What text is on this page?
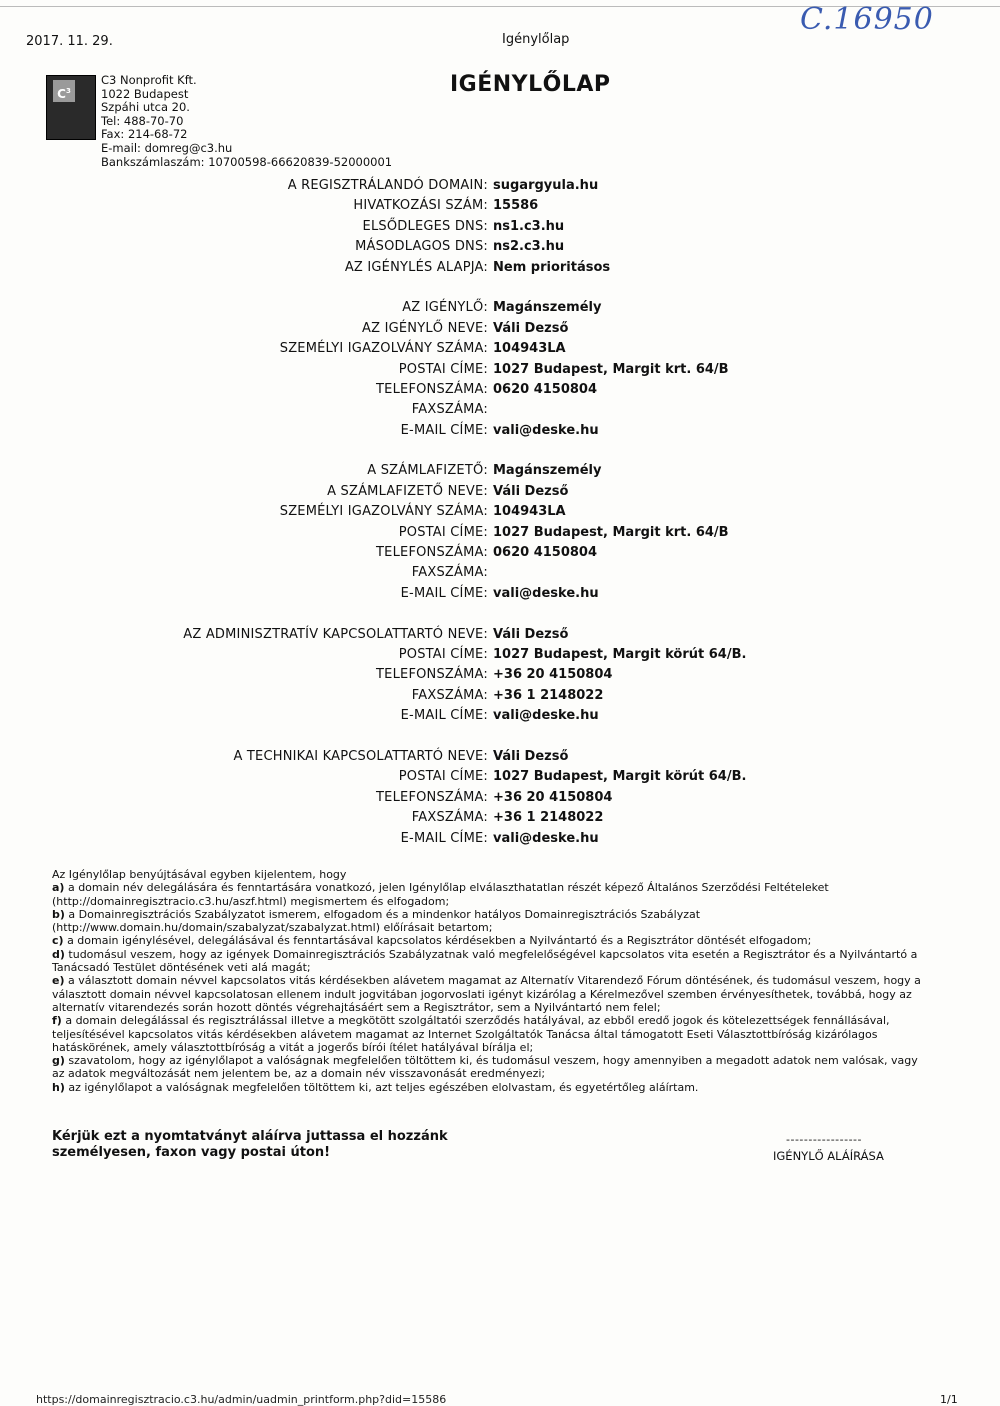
2017. 11. 29.	Igénylőlap
C.16950
$C^3$
C3 Nonprofit Kft.
1022 Budapest
Szpáhi utca 20.
Tel: 488-70-70
Fax: 214-68-72
E-mail: domreg@c3.hu
Bankszámlaszám: 10700598-66620839-52000001
IGÉNYLŐLAP
A REGISZTRÁLANDÓ DOMAIN: sugargyula.hu
HIVATKOZÁSI SZÁM: 15586
ELSŐDLEGES DNS: ns1.c3.hu
MÁSODLAGOS DNS: ns2.c3.hu
AZ IGÉNYLÉS ALAPJA: Nem prioritásos
AZ IGÉNYLŐ: Magánszemély
AZ IGÉNYLŐ NEVE: Váli Dezső
SZEMÉLYI IGAZOLVÁNY SZÁMA: 104943LA
POSTAI CÍME: 1027 Budapest, Margit krt. 64/B
TELEFONSZÁMA: 0620 4150804
FAXSZÁMA:
E-MAIL CÍME: vali@deske.hu
A SZÁMLAFIZETŐ: Magánszemély
A SZÁMLAFIZETŐ NEVE: Váli Dezső
SZEMÉLYI IGAZOLVÁNY SZÁMA: 104943LA
POSTAI CÍME: 1027 Budapest, Margit krt. 64/B
TELEFONSZÁMA: 0620 4150804
FAXSZÁMA:
E-MAIL CÍME: vali@deske.hu
AZ ADMINISZTRATÍV KAPCSOLATTARTÓ NEVE: Váli Dezső
POSTAI CÍME: 1027 Budapest, Margit körút 64/B.
TELEFONSZÁMA: +36 20 4150804
FAXSZÁMA: +36 1 2148022
E-MAIL CÍME: vali@deske.hu
A TECHNIKAI KAPCSOLATTARTÓ NEVE: Váli Dezső
POSTAI CÍME: 1027 Budapest, Margit körút 64/B.
TELEFONSZÁMA: +36 20 4150804
FAXSZÁMA: +36 1 2148022
E-MAIL CÍME: vali@deske.hu

Az Igénylőlap benyújtásával egyben kijelentem, hogy

a) a domain név delegálására és fenntartására vonatkozó, jelen Igénylőlap elválaszthatatlan részét képező Általános Szerződési Feltételeket (http://domainregisztracio.c3.hu/aszf.html) megismertem és elfogadom;

b) a Domainregisztrációs Szabályzatot ismerem, elfogadom és a mindenkor hatályos Domainregisztrációs Szabályzat (http://www.domain.hu/domain/szabalyzat/szabalyzat.html) előírásait betartom;

c) a domain igénylésével, delegálásával és fenntartásával kapcsolatos kérdésekben a Nyilvántartó és a Regisztrátor döntését elfogadom;

d) tudomásul veszem, hogy az igények Domainregisztrációs Szabályzatnak való megfelelőségével kapcsolatos vita esetén a Regisztrátor és a Nyilvántartó a Tanácsadó Testület döntésének veti alá magát;

e) a választott domain névvel kapcsolatos vitás kérdésekben alávetem magamat az Alternatív Vitarendező Fórum döntésének, és tudomásul veszem, hogy a választott domain névvel kapcsolatosan ellenem indult jogvitában jogorvoslati igényt kizárólag a Kérelmezővel szemben érvényesíthetek, továbbá, hogy az alternatív vitarendezés során hozott döntés végrehajtásáért sem a Regisztrátor, sem a Nyilvántartó nem felel;

f) a domain delegálással és regisztrálással illetve a megkötött szolgáltatói szerződés hatályával, az ebből eredő jogok és kötelezettségek fennállásával, teljesítésével kapcsolatos vitás kérdésekben alávetem magamat az Internet Szolgáltatók Tanácsa által támogatott Eseti Választottbíróság kizárólagos hatáskörének, amely választottbíróság a vitát a jogerős bírói ítélet hatályával bírálja el;

g) szavatolom, hogy az igénylőlapot a valóságnak megfelelően töltöttem ki, és tudomásul veszem, hogy amennyiben a megadott adatok nem valósak, vagy az adatok megváltozását nem jelentem be, az a domain név visszavonását eredményezi;

h) az igénylőlapot a valóságnak megfelelően töltöttem ki, azt teljes egészében elolvastam, és egyetértőleg aláírtam.

Kérjük ezt a nyomtatványt aláírva juttassa el hozzánk
személyesen, faxon vagy postai úton!
-----------------
IGÉNYLŐ ALÁÍRÁSA
https://domainregisztracio.c3.hu/admin/uadmin_printform.php?did=15586	1/1
